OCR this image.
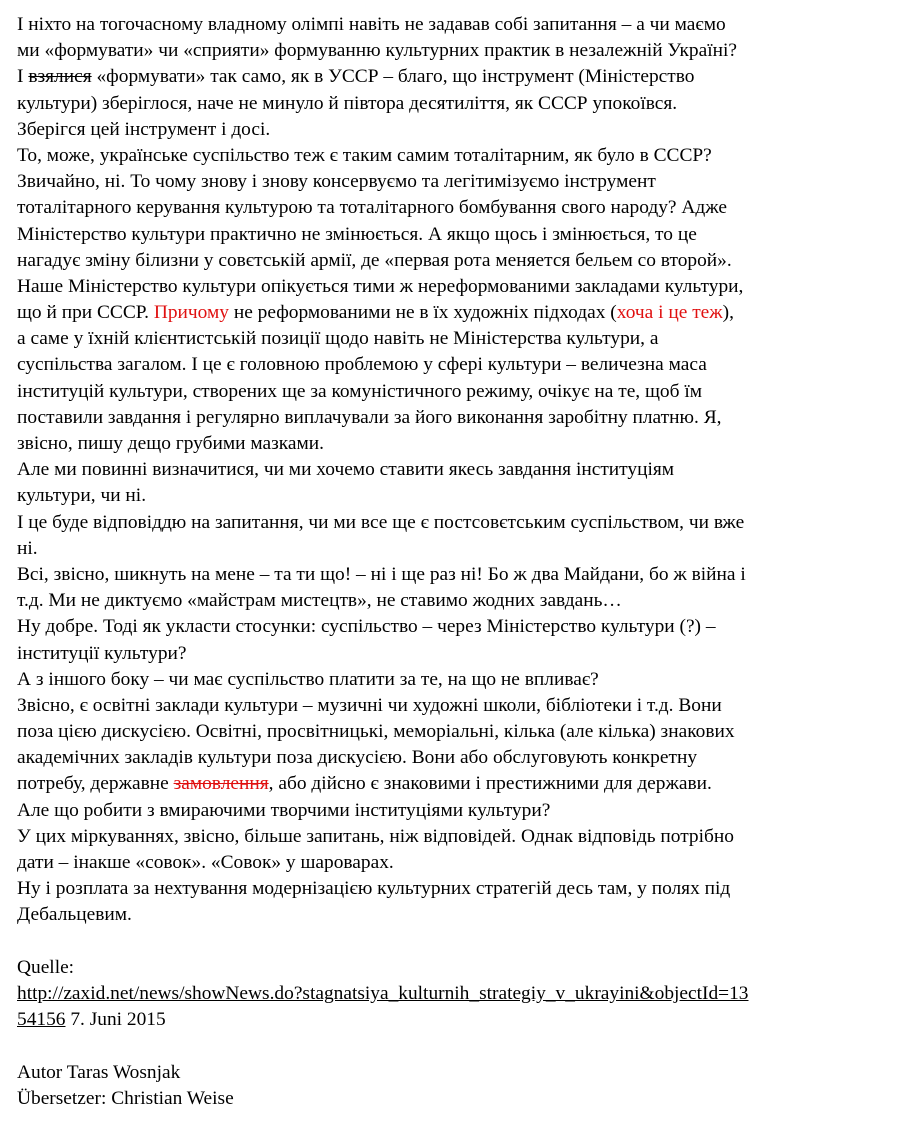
І ніхто на тогочасному владному олімпі навіть не задавав собі запитання – а чи маємо
ми «формувати» чи «сприяти» формуванню культурних практик в незалежній Україні?
І взялися «формувати» так само, як в УССР – благо, що інструмент (Міністерство
культури) зберіглося, наче не минуло й півтора десятиліття, як СССР упокоївся.
Зберігся цей інструмент і досі.
То, може, українське суспільство теж є таким самим тоталітарним, як було в СССР?
Звичайно, ні. То чому знову і знову консервуємо та легітимізуємо інструмент
тоталітарного керування культурою та тоталітарного бомбування свого народу? Адже
Міністерство культури практично не змінюється. А якщо щось і змінюється, то це
нагадує зміну білизни у совєтській армії, де «первая рота меняется бельем со второй».
Наше Міністерство культури опікується тими ж нереформованими закладами культури,
що й при СССР. Причому не реформованими не в їх художніх підходах (хоча і це теж),
а саме у їхній клієнтистській позиції щодо навіть не Міністерства культури, а
суспільства загалом. І це є головною проблемою у сфері культури – величезна маса
інституцій культури, створених ще за комуністичного режиму, очікує на те, щоб їм
поставили завдання і регулярно виплачували за його виконання заробітну платню. Я,
звісно, пишу дещо грубими мазками.
Але ми повинні визначитися, чи ми хочемо ставити якесь завдання інституціям
культури, чи ні.
І це буде відповіддю на запитання, чи ми все ще є постсовєтським суспільством, чи вже
ні.
Всі, звісно, шикнуть на мене – та ти що! – ні і ще раз ні! Бо ж два Майдани, бо ж війна і
т.д. Ми не диктуємо «майстрам мистецтв», не ставимо жодних завдань…
Ну добре. Тоді як укласти стосунки: суспільство – через Міністерство культури (?) –
інституції культури?
А з іншого боку – чи має суспільство платити за те, на що не впливає?
Звісно, є освітні заклади культури – музичні чи художні школи, бібліотеки і т.д. Вони
поза цією дискусією. Освітні, просвітницькі, меморіальні, кілька (але кілька) знакових
академічних закладів культури поза дискусією. Вони або обслуговують конкретну
потребу, державне замовлення, або дійсно є знаковими і престижними для держави.
Але що робити з вмираючими творчими інституціями культури?
У цих міркуваннях, звісно, більше запитань, ніж відповідей. Однак відповідь потрібно
дати – інакше «совок». «Совок» у шароварах.
Ну і розплата за нехтування модернізацією культурних стратегій десь там, у полях під
Дебальцевим.
Quelle:
http://zaxid.net/news/showNews.do?stagnatsiya_kulturnih_strategiy_v_ukrayini&objectId=13
54156 7. Juni 2015
Autor Taras Wosnjak
Übersetzer: Christian Weise
